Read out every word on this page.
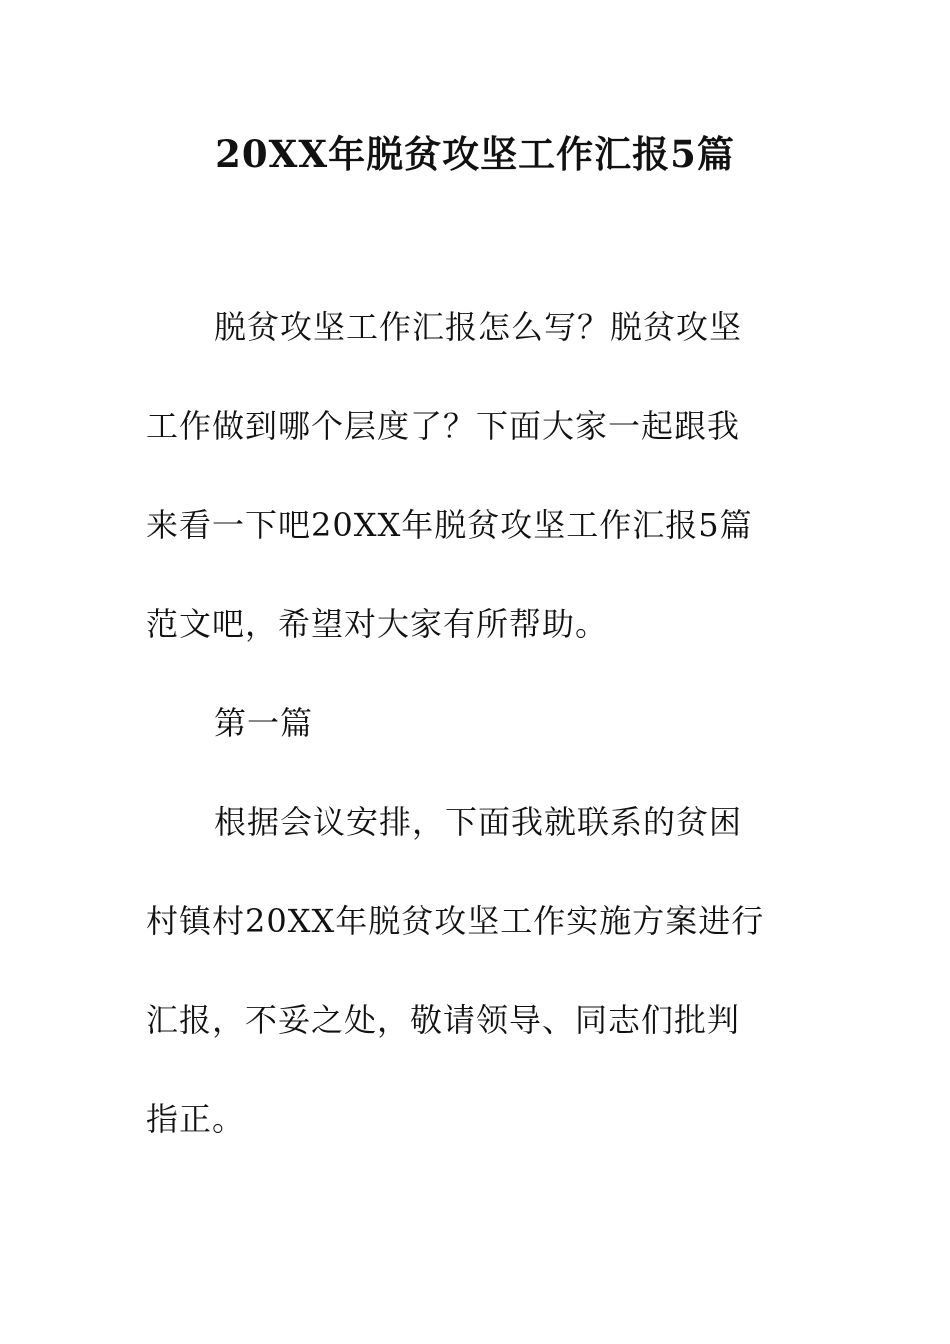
20XX年脱贫攻坚工作汇报5篇
脱贫攻坚工作汇报怎么写？脱贫攻坚
工作做到哪个层度了？下面大家一起跟我
来看一下吧20XX年脱贫攻坚工作汇报5篇
范文吧，希望对大家有所帮助。
第一篇
根据会议安排，下面我就联系的贫困
村镇村20XX年脱贫攻坚工作实施方案进行
汇报，不妥之处，敬请领导、同志们批判
指正。
